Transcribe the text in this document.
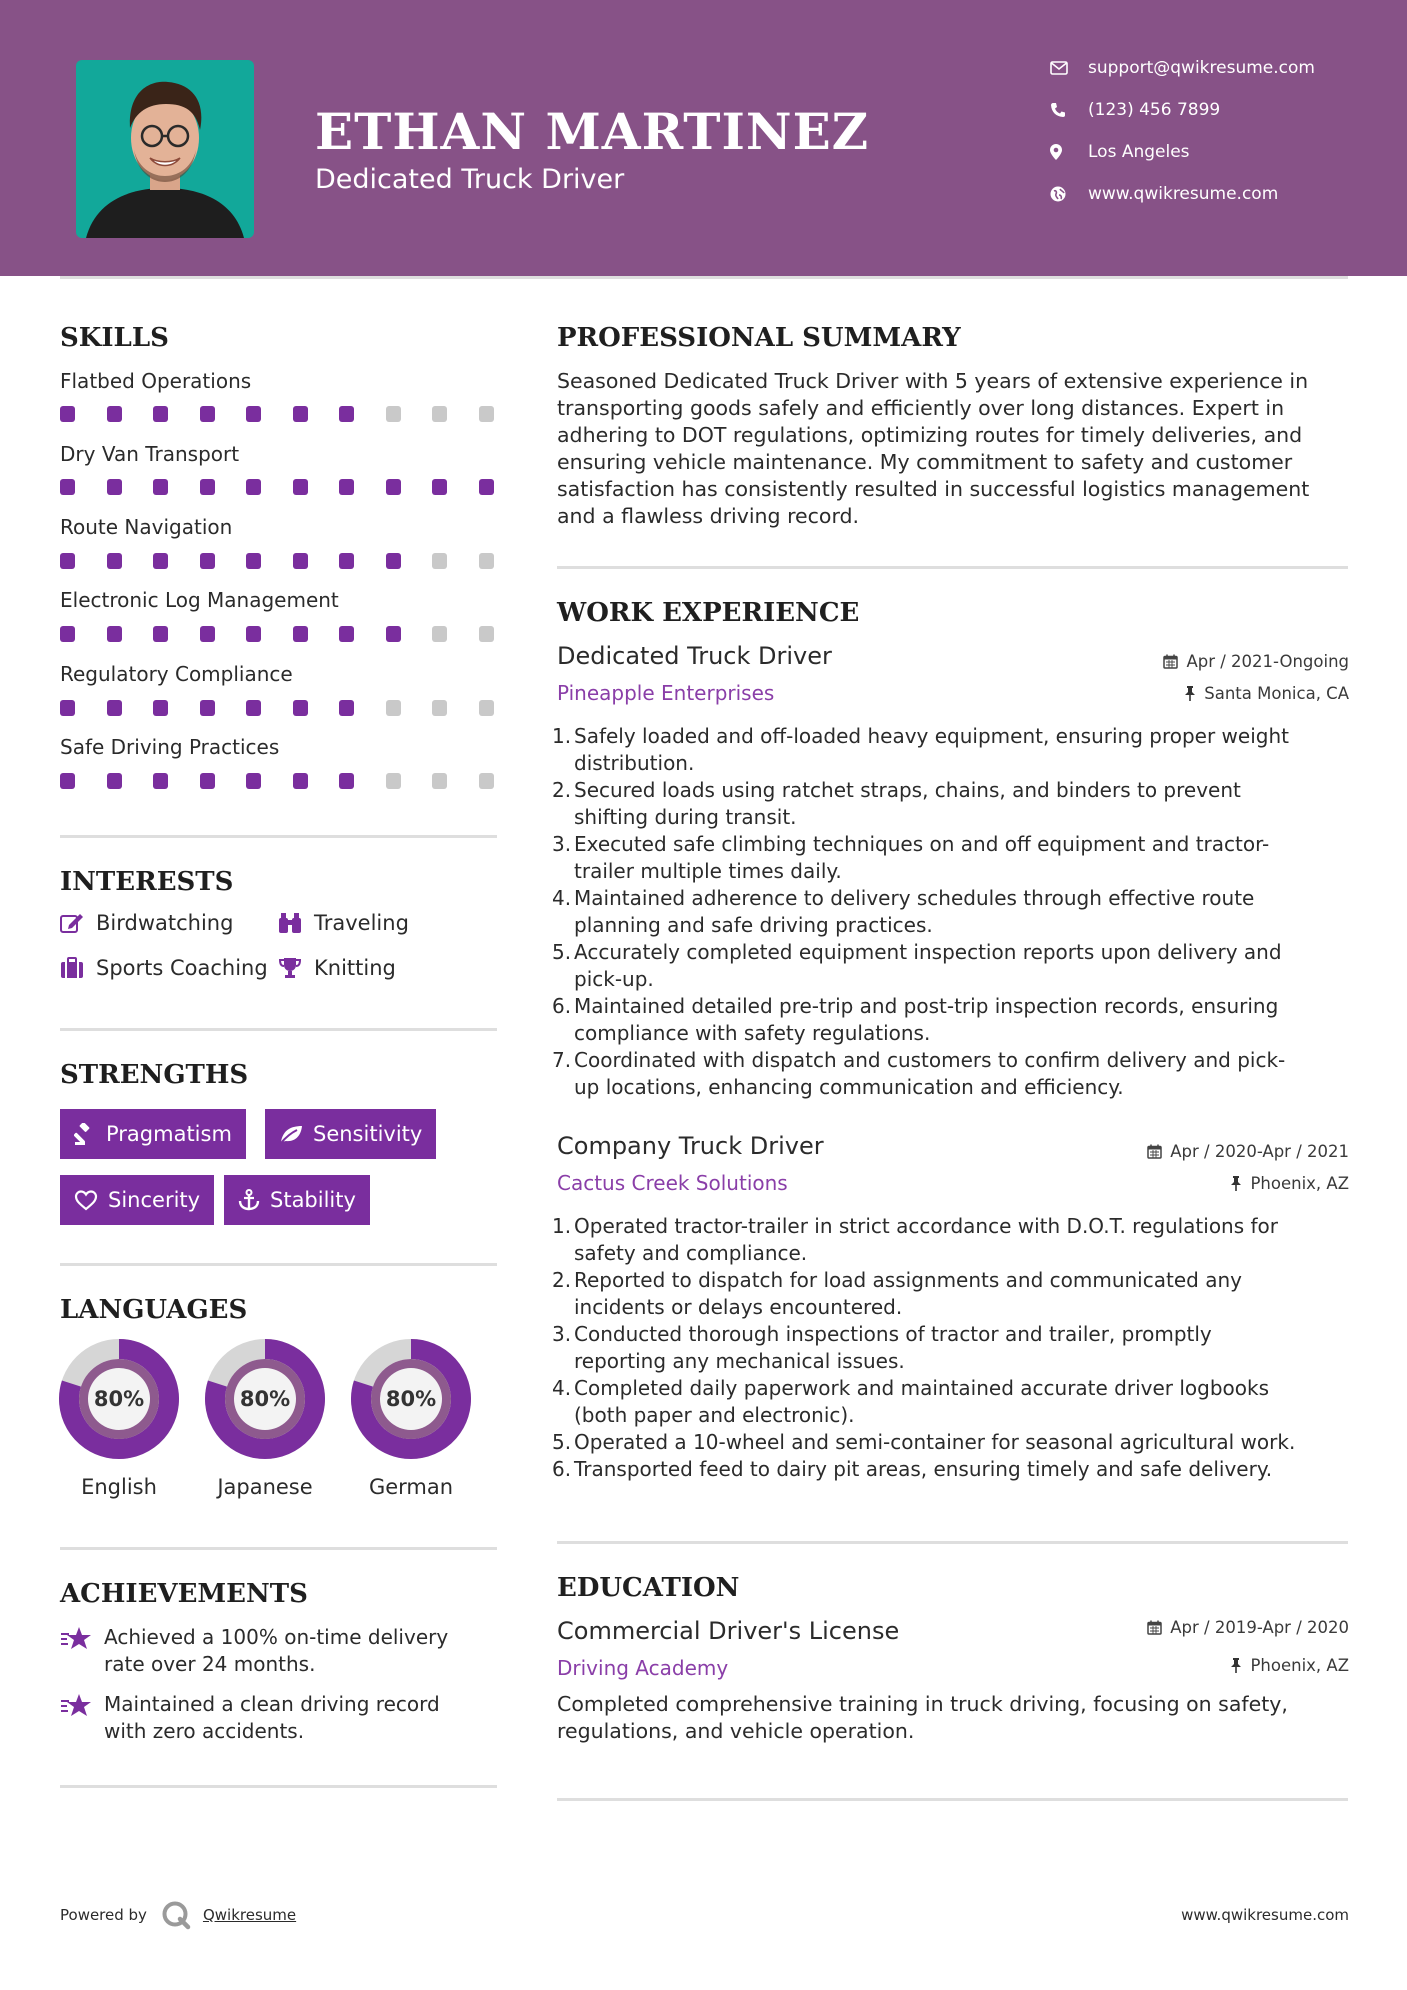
ETHAN MARTINEZ
Dedicated Truck Driver
support@qwikresume.com
(123) 456 7899
Los Angeles
www.qwikresume.com
SKILLS
Flatbed Operations
Dry Van Transport
Route Navigation
Electronic Log Management
Regulatory Compliance
Safe Driving Practices
INTERESTS
Birdwatching	Traveling
Sports Coaching Knitting
STRENGTHS
Pragmatism	Sensitivity
Sincerity	Stability
LANGUAGES
80%	80%	80%
English	Japanese	German
ACHIEVEMENTS
Achieved a 100% on-time delivery
rate over 24 months.
Maintained a clean driving record
with zero accidents.
PROFESSIONAL SUMMARY
Seasoned Dedicated Truck Driver with 5 years of extensive experience in
transporting goods safely and efficiently over long distances. Expert in
adhering to DOT regulations, optimizing routes for timely deliveries, and
ensuring vehicle maintenance. My commitment to safety and customer
satisfaction has consistently resulted in successful logistics management
and a flawless driving record.
WORK EXPERIENCE
Dedicated Truck Driver	Apr / 2021-Ongoing
Pineapple Enterprises	Santa Monica, CA
1. Safely loaded and off-loaded heavy equipment, ensuring proper weight
distribution.
2. Secured loads using ratchet straps, chains, and binders to prevent
shifting during transit.
3. Executed safe climbing techniques on and off equipment and tractor-
trailer multiple times daily.
4. Maintained adherence to delivery schedules through effective route
planning and safe driving practices.
5. Accurately completed equipment inspection reports upon delivery and
pick-up.
6. Maintained detailed pre-trip and post-trip inspection records, ensuring
compliance with safety regulations.
7. Coordinated with dispatch and customers to confirm delivery and pick-
up locations, enhancing communication and efficiency.
Company Truck Driver	Apr / 2020-Apr / 2021
Cactus Creek Solutions	Phoenix, AZ
1. Operated tractor-trailer in strict accordance with D.O.T. regulations for
safety and compliance.
2. Reported to dispatch for load assignments and communicated any
incidents or delays encountered.
3. Conducted thorough inspections of tractor and trailer, promptly
reporting any mechanical issues.
4. Completed daily paperwork and maintained accurate driver logbooks
(both paper and electronic).
5. Operated a 10-wheel and semi-container for seasonal agricultural work.
6. Transported feed to dairy pit areas, ensuring timely and safe delivery.
EDUCATION
Commercial Driver's License	Apr / 2019-Apr / 2020
Driving Academy	Phoenix, AZ
Completed comprehensive training in truck driving, focusing on safety,
regulations, and vehicle operation.
Powered by	Qwikresume	www.qwikresume.com
